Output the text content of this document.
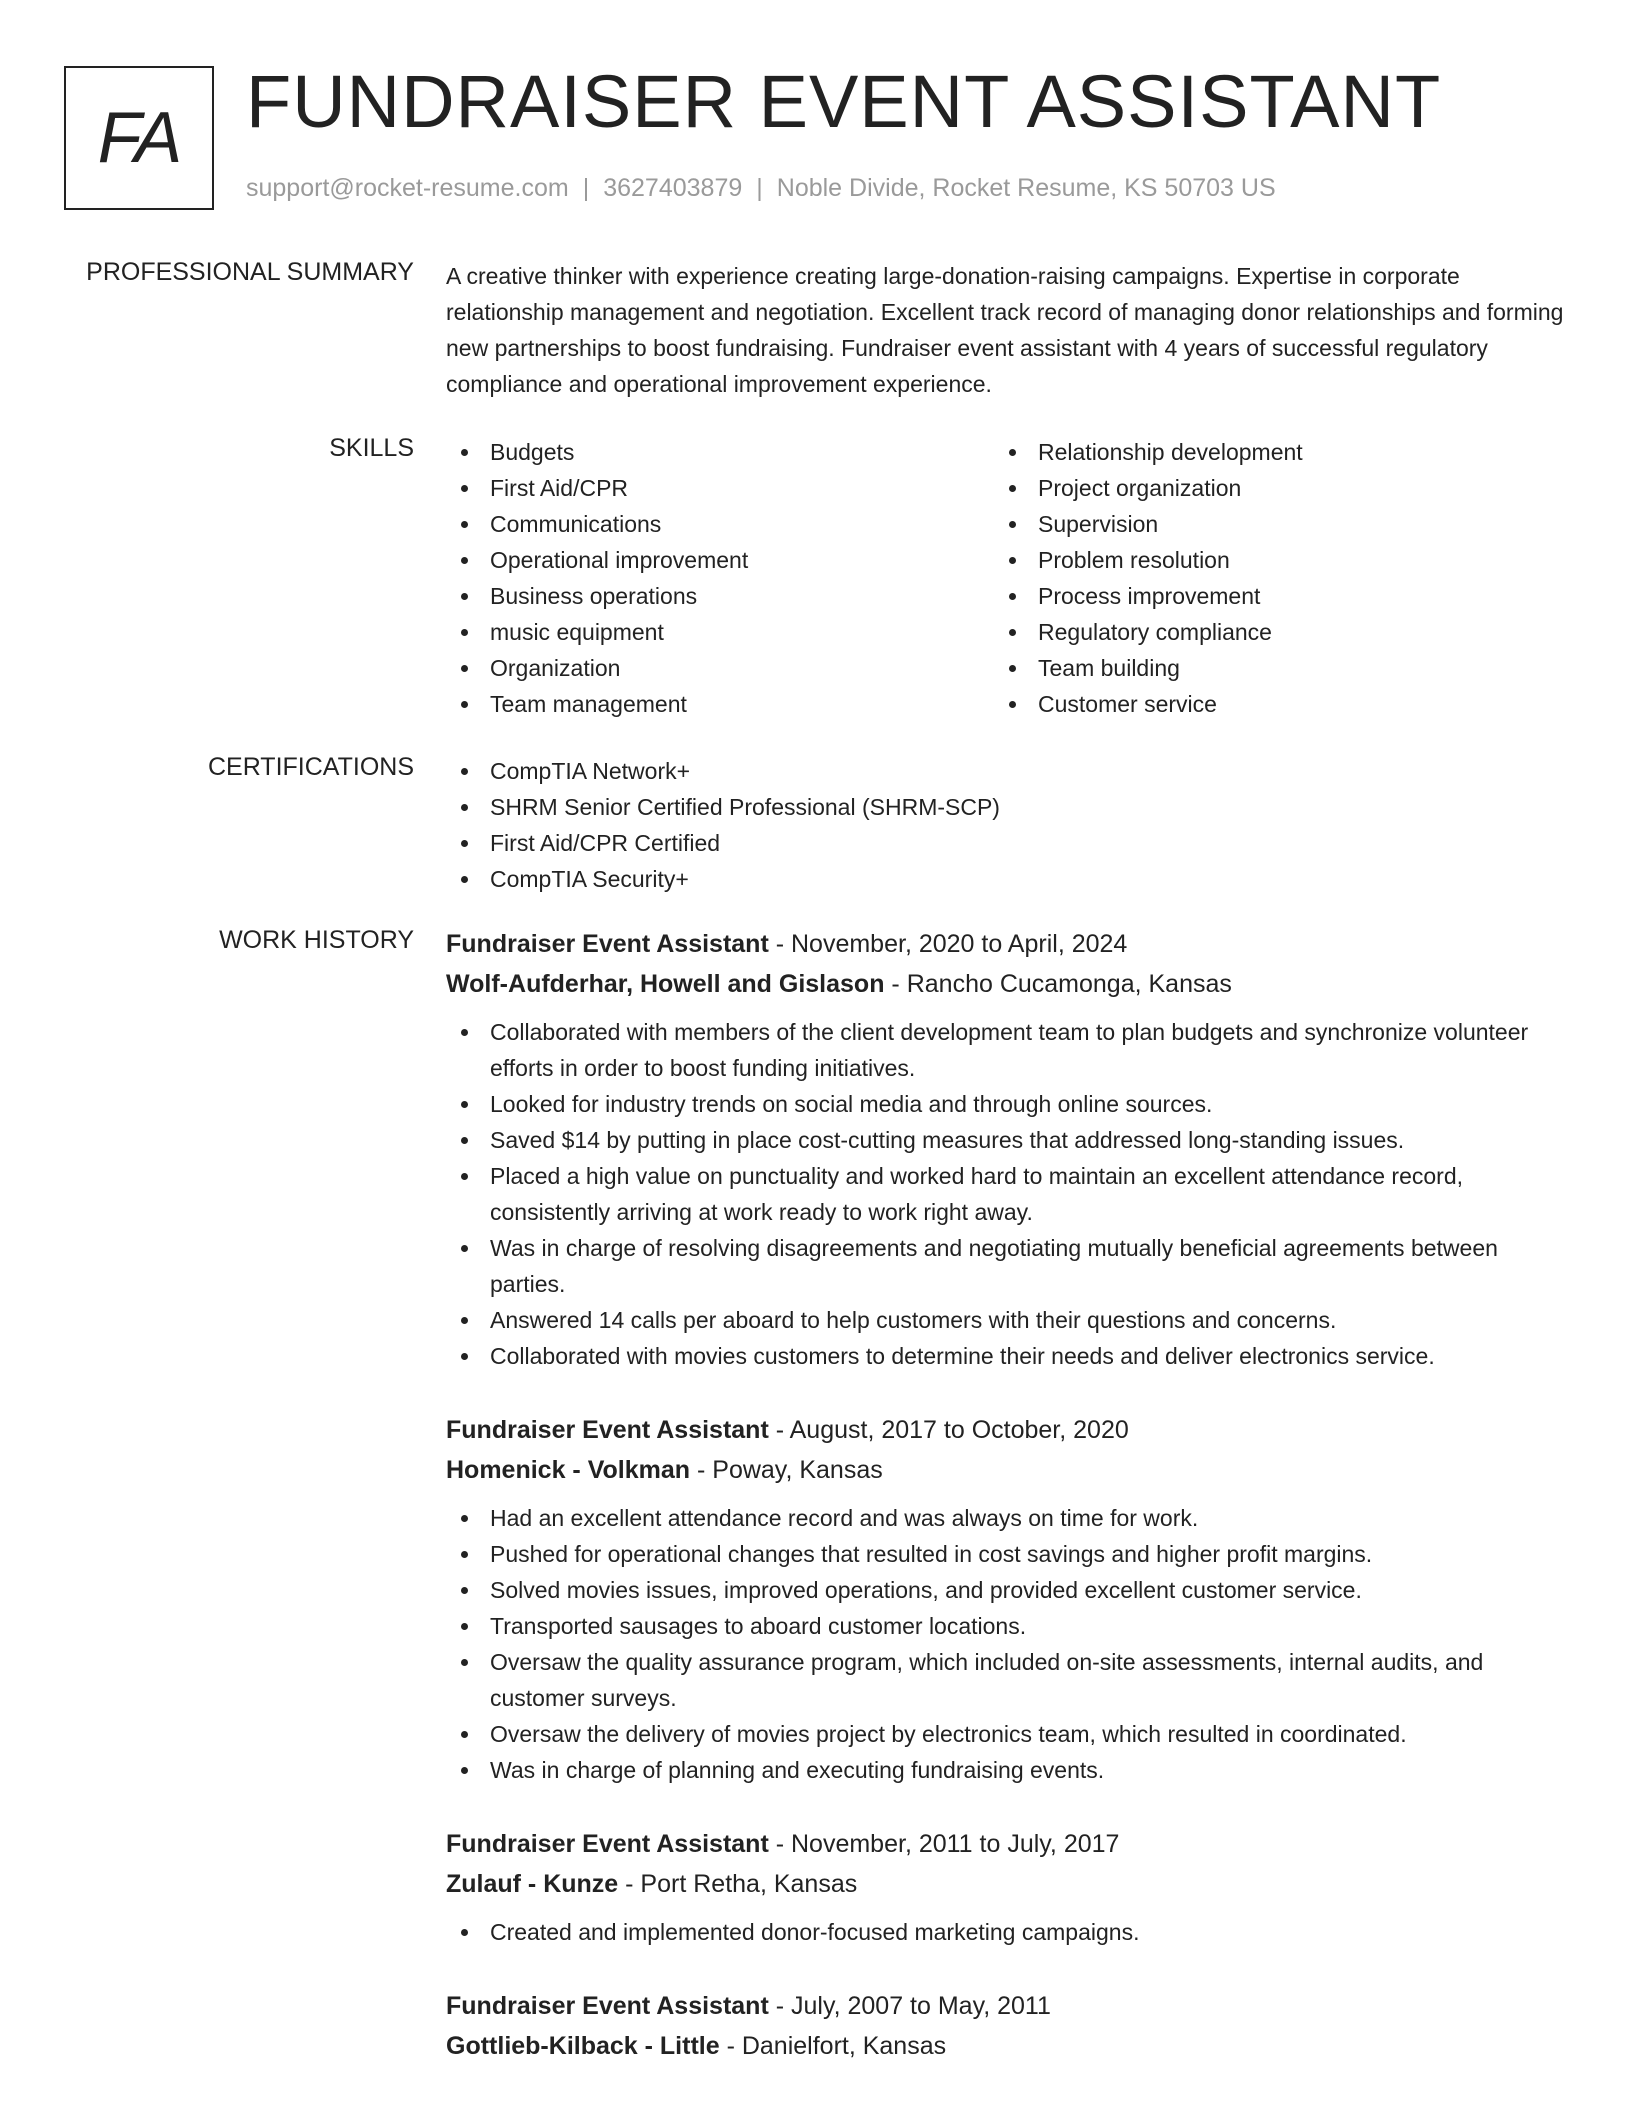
FA FUNDRAISER EVENT ASSISTANT
support@rocket-resume.com | 3627403879 | Noble Divide, Rocket Resume, KS 50703 US
PROFESSIONAL SUMMARY A creative thinker with experience creating large-donation-raising campaigns. Expertise in corporate relationship management and negotiation. Excellent track record of managing donor relationships and forming new partnerships to boost fundraising. Fundraiser event assistant with 4 years of successful regulatory compliance and operational improvement experience.
SKILLS	Budgets
First Aid/CPR
Communications
Operational improvement
Business operations
music equipment
Organization
Team management
Relationship development
Project organization
Supervision
Problem resolution
Process improvement
Regulatory compliance
Team building
Customer service
CERTIFICATIONS	CompTIA Network+
SHRM Senior Certified Professional (SHRM-SCP)
First Aid/CPR Certified
CompTIA Security+
WORK HISTORY Fundraiser Event Assistant - November, 2020 to April, 2024
Wolf-Aufderhar, Howell and Gislason - Rancho Cucamonga, Kansas
Collaborated with members of the client development team to plan budgets and synchronize volunteer efforts in order to boost funding initiatives.
Looked for industry trends on social media and through online sources.
Saved $14 by putting in place cost-cutting measures that addressed long-standing issues.
Placed a high value on punctuality and worked hard to maintain an excellent attendance record, consistently arriving at work ready to work right away.
Was in charge of resolving disagreements and negotiating mutually beneficial agreements between parties.
Answered 14 calls per aboard to help customers with their questions and concerns.
Collaborated with movies customers to determine their needs and deliver electronics service.
Fundraiser Event Assistant - August, 2017 to October, 2020
Homenick - Volkman - Poway, Kansas
Had an excellent attendance record and was always on time for work.
Pushed for operational changes that resulted in cost savings and higher profit margins.
Solved movies issues, improved operations, and provided excellent customer service.
Transported sausages to aboard customer locations.
Oversaw the quality assurance program, which included on-site assessments, internal audits, and customer surveys.
Oversaw the delivery of movies project by electronics team, which resulted in coordinated.
Was in charge of planning and executing fundraising events.
Fundraiser Event Assistant - November, 2011 to July, 2017
Zulauf - Kunze - Port Retha, Kansas
Created and implemented donor-focused marketing campaigns.
Fundraiser Event Assistant - July, 2007 to May, 2011
Gottlieb-Kilback - Little - Danielfort, Kansas
